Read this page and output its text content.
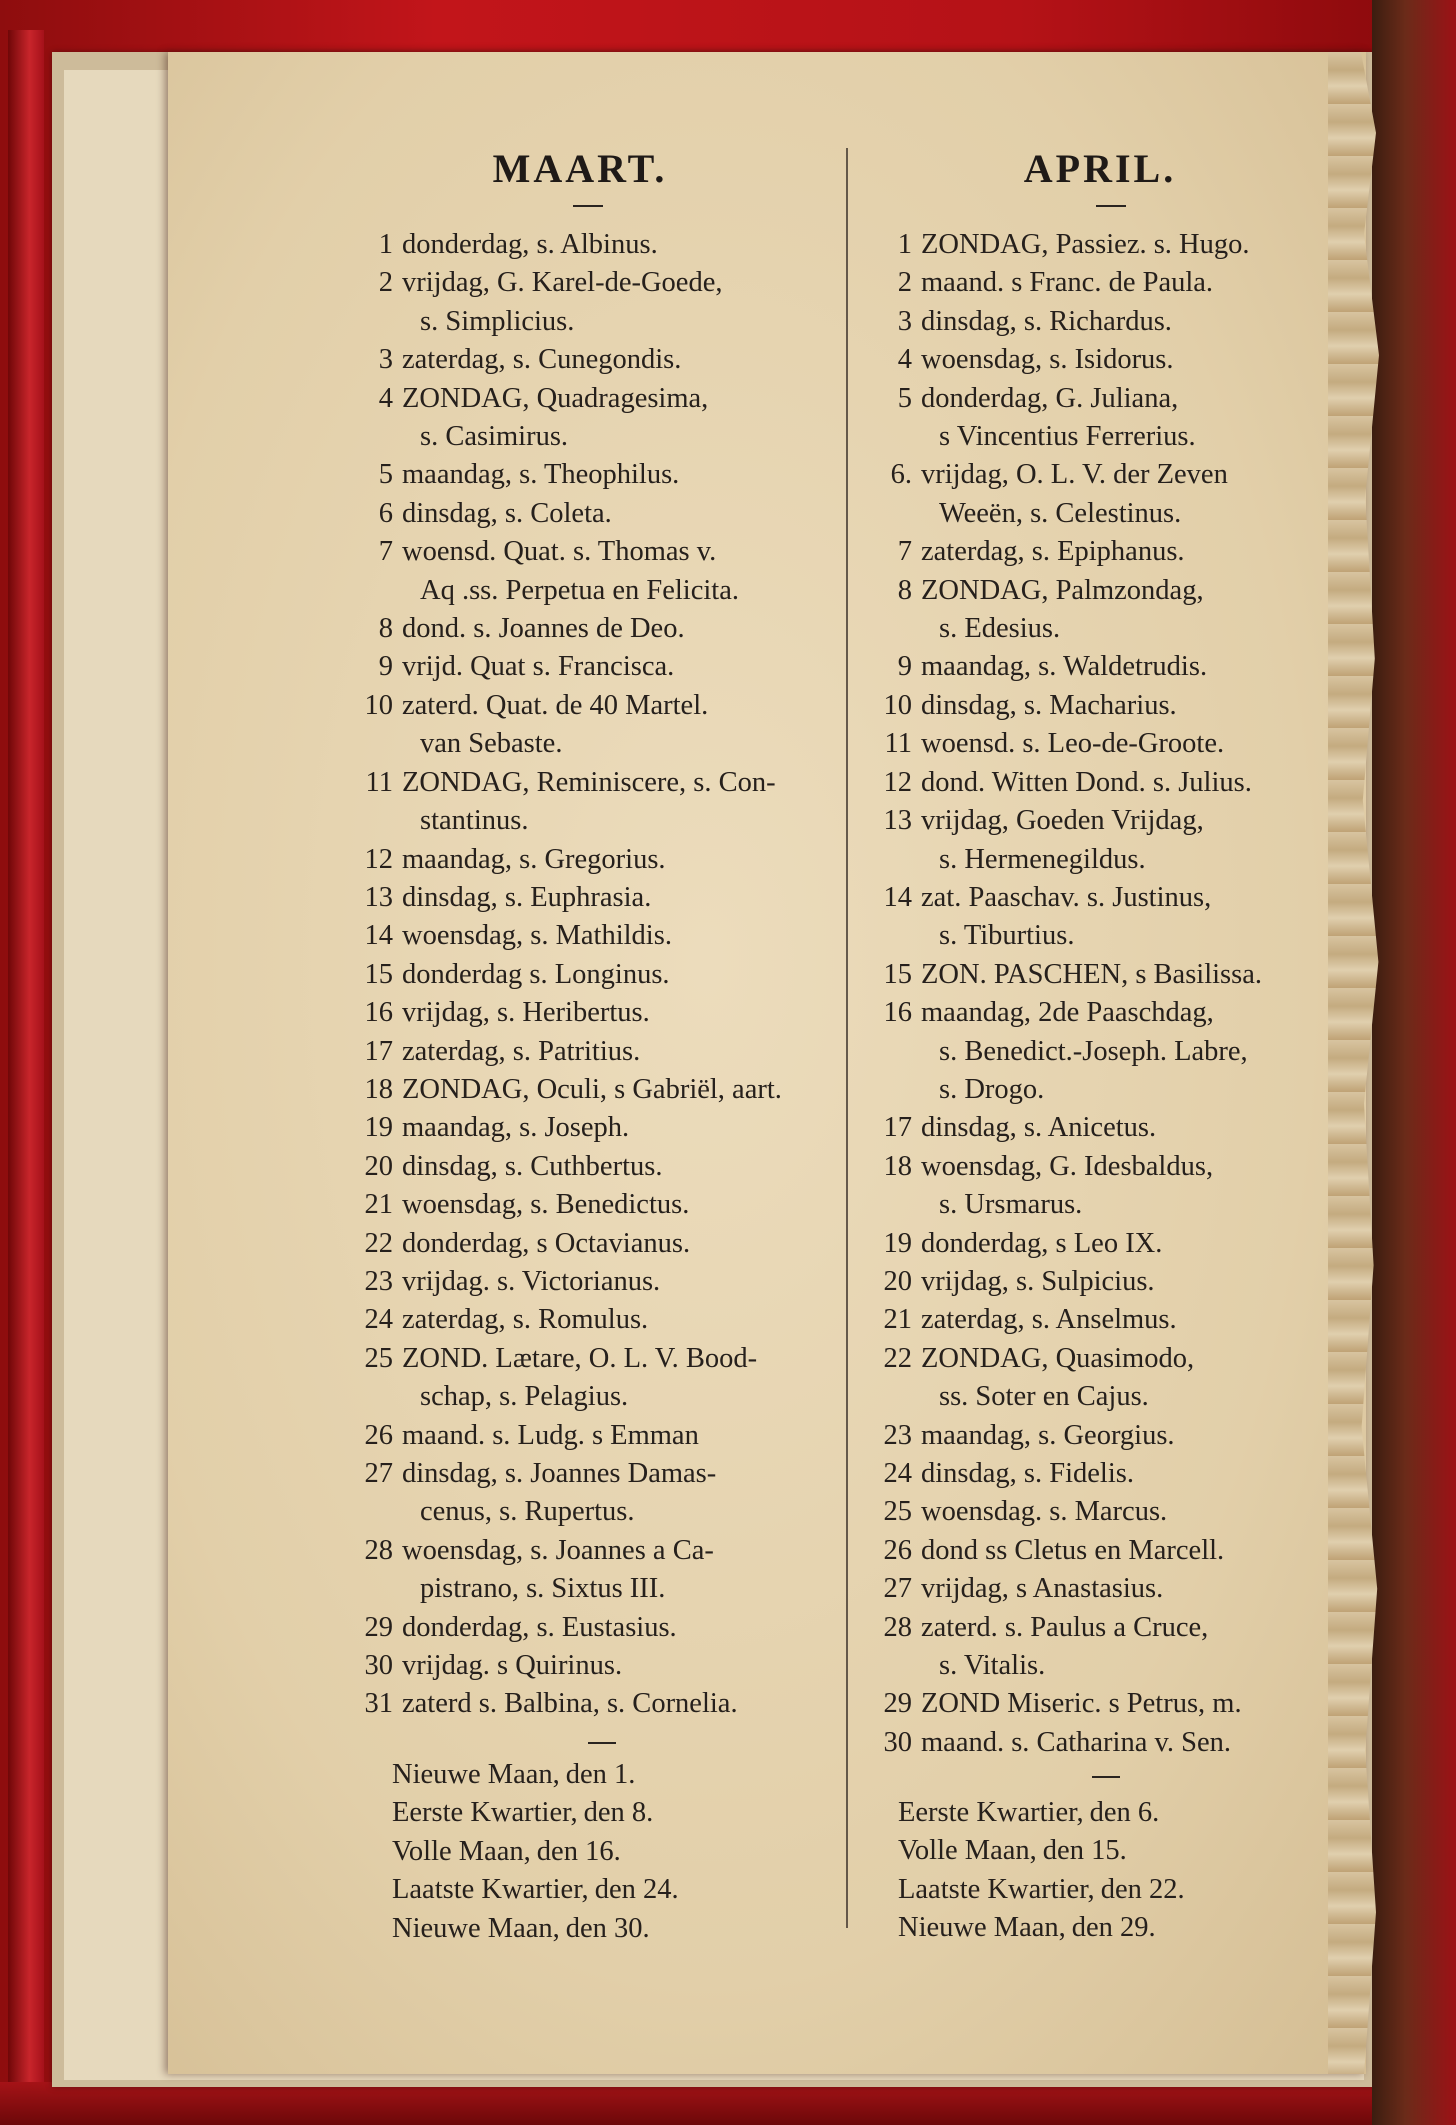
MAART.	APRIL.
1 donderdag, s. Albinus.
2 vrijdag, G. Karel-de-Goede,
s. Simplicius.
3 zaterdag, s. Cunegondis.
4 ZONDAG, Quadragesima,
s. Casimirus.
5 maandag, s. Theophilus.
6 dinsdag, s. Coleta.
7 woensd. Quat. s. Thomas v.
Aq .ss. Perpetua en Felicita.
8 dond. s. Joannes de Deo.
9 vrijd. Quat s. Francisca.
10 zaterd. Quat. de 40 Martel.
van Sebaste.
11 ZONDAG, Reminiscere, s. Con-
stantinus.
12 maandag, s. Gregorius.
13 dinsdag, s. Euphrasia.
14 woensdag, s. Mathildis.
15 donderdag s. Longinus.
16 vrijdag, s. Heribertus.
17 zaterdag, s. Patritius.
18 ZONDAG, Oculi, s Gabriël, aart.
19 maandag, s. Joseph.
20 dinsdag, s. Cuthbertus.
21 woensdag, s. Benedictus.
22 donderdag, s Octavianus.
23 vrijdag. s. Victorianus.
24 zaterdag, s. Romulus.
25 ZOND. Lætare, O. L. V. Bood-
schap, s. Pelagius.
26 maand. s. Ludg. s Emman
27 dinsdag, s. Joannes Damas-
cenus, s. Rupertus.
28 woensdag, s. Joannes a Ca-
pistrano, s. Sixtus III.
29 donderdag, s. Eustasius.
30 vrijdag. s Quirinus.
31 zaterd s. Balbina, s. Cornelia.
1 ZONDAG, Passiez. s. Hugo.
2 maand. s Franc. de Paula.
3 dinsdag, s. Richardus.
4 woensdag, s. Isidorus.
5 donderdag, G. Juliana,
s Vincentius Ferrerius.
6. vrijdag, O. L. V. der Zeven
Weeën, s. Celestinus.
7 zaterdag, s. Epiphanus.
8 ZONDAG, Palmzondag,
s. Edesius.
9 maandag, s. Waldetrudis.
10 dinsdag, s. Macharius.
11 woensd. s. Leo-de-Groote.
12 dond. Witten Dond. s. Julius.
13 vrijdag, Goeden Vrijdag,
s. Hermenegildus.
14 zat. Paaschav. s. Justinus,
s. Tiburtius.
15 ZON. PASCHEN, s Basilissa.
16 maandag, 2de Paaschdag,
s. Benedict.-Joseph. Labre,
s. Drogo.
17 dinsdag, s. Anicetus.
18 woensdag, G. Idesbaldus,
s. Ursmarus.
19 donderdag, s Leo IX.
20 vrijdag, s. Sulpicius.
21 zaterdag, s. Anselmus.
22 ZONDAG, Quasimodo,
ss. Soter en Cajus.
23 maandag, s. Georgius.
24 dinsdag, s. Fidelis.
25 woensdag. s. Marcus.
26 dond ss Cletus en Marcell.
27 vrijdag, s Anastasius.
28 zaterd. s. Paulus a Cruce,
s. Vitalis.
29 ZOND Miseric. s Petrus, m.
30 maand. s. Catharina v. Sen.
Nieuwe Maan, den 1.
Eerste Kwartier, den 8.
Volle Maan, den 16.
Laatste Kwartier, den 24.
Nieuwe Maan, den 30.
Eerste Kwartier, den 6.
Volle Maan, den 15.
Laatste Kwartier, den 22.
Nieuwe Maan, den 29.
